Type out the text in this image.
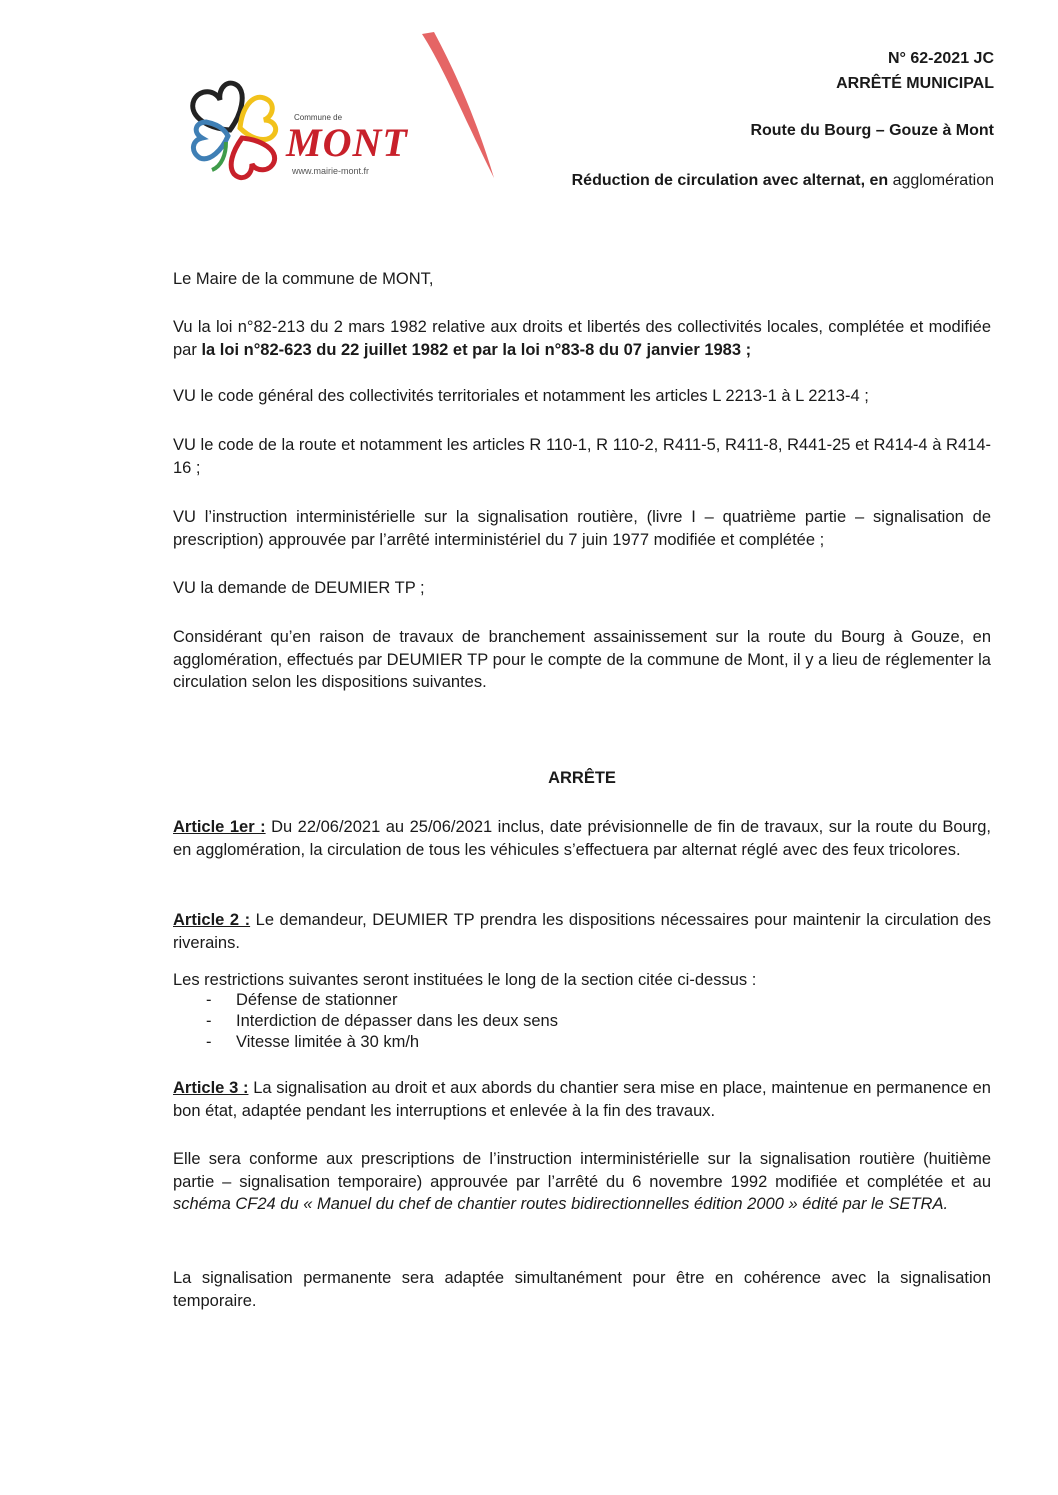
Commune de
MONT
www.mairie-mont.fr
N° 62-2021 JC
ARRÊTÉ MUNICIPAL
Route du Bourg – Gouze à Mont
Réduction de circulation avec alternat, en agglomération

Le Maire de la commune de MONT,

Vu la loi n°82-213 du 2 mars 1982 relative aux droits et libertés des collectivités locales, complétée et modifiée par la loi n°82-623 du 22 juillet 1982 et par la loi n°83-8 du 07 janvier 1983 ;

VU le code général des collectivités territoriales et notamment les articles L 2213-1 à L 2213-4 ;

VU le code de la route et notamment les articles R 110-1, R 110-2, R411-5, R411-8, R441-25 et R414-4 à R414-16 ;

VU l’instruction interministérielle sur la signalisation routière, (livre I – quatrième partie – signalisation de prescription) approuvée par l’arrêté interministériel du 7 juin 1977 modifiée et complétée ;

VU la demande de DEUMIER TP ;

Considérant qu’en raison de travaux de branchement assainissement sur la route du Bourg à Gouze, en agglomération, effectués par DEUMIER TP pour le compte de la commune de Mont, il y a lieu de réglementer la circulation selon les dispositions suivantes.

ARRÊTE

Article 1er : Du 22/06/2021 au 25/06/2021 inclus, date prévisionnelle de fin de travaux, sur la route du Bourg, en agglomération, la circulation de tous les véhicules s’effectuera par alternat réglé avec des feux tricolores.

Article 2 : Le demandeur, DEUMIER TP prendra les dispositions nécessaires pour maintenir la circulation des riverains.

Les restrictions suivantes seront instituées le long de la section citée ci-dessus :

- Défense de stationner
- Interdiction de dépasser dans les deux sens
- Vitesse limitée à 30 km/h

Article 3 : La signalisation au droit et aux abords du chantier sera mise en place, maintenue en permanence en bon état, adaptée pendant les interruptions et enlevée à la fin des travaux.

Elle sera conforme aux prescriptions de l’instruction interministérielle sur la signalisation routière (huitième partie – signalisation temporaire) approuvée par l’arrêté du 6 novembre 1992 modifiée et complétée et au schéma CF24 du « Manuel du chef de chantier routes bidirectionnelles édition 2000 » édité par le SETRA.

La signalisation permanente sera adaptée simultanément pour être en cohérence avec la signalisation temporaire.
